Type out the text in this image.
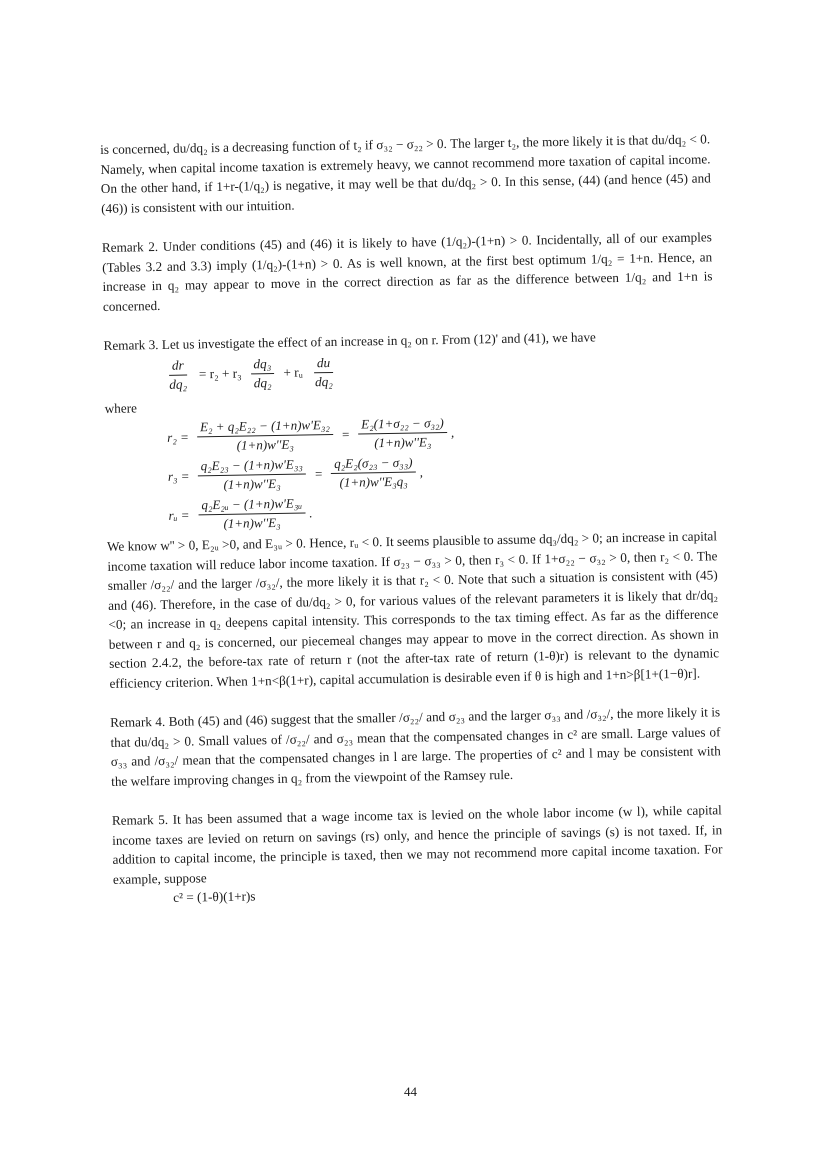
is concerned, du/dq₂ is a decreasing function of t₂ if σ₃₂ − σ₂₂ > 0. The larger t₂, the more likely it is that du/dq₂ < 0. Namely, when capital income taxation is extremely heavy, we cannot recommend more taxation of capital income. On the other hand, if 1+r-(1/q₂) is negative, it may well be that du/dq₂ > 0. In this sense, (44) (and hence (45) and (46)) is consistent with our intuition.

Remark 2. Under conditions (45) and (46) it is likely to have (1/q₂)-(1+n) > 0. Incidentally, all of our examples (Tables 3.2 and 3.3) imply (1/q₂)-(1+n) > 0. As is well known, at the first best optimum 1/q₂ = 1+n. Hence, an increase in q₂ may appear to move in the correct direction as far as the difference between 1/q₂ and 1+n is concerned.

Remark 3. Let us investigate the effect of an increase in q₂ on r. From (12)' and (41), we have

$\frac{dr}{\text{dq₂}} = r_2 + r_3 \frac{\text{dq₃}}{\text{dq₂}}$ + rᵤ $\frac{du}{\text{dq₂}}$

where

$r_2 = \frac{\text{E₂ + q₂E₂₂ − (1+n)w'E₃₂}}{\text{(1+n)w''E₃}} = \frac{\text{E₂(1+σ₂₂ − σ₃₂)}}{\text{(1+n)w''E₃}}$ ,
$r_3 = \frac{\text{q₂E₂₃ − (1+n)w'E₃₃}}{\text{(1+n)w''E₃}} = \frac{\text{q₂E₂(σ₂₃ − σ₃₃)}}{\text{(1+n)w''E₃q₃}}$ ,
rᵤ = $\frac{\text{q₂E₂ᵤ − (1+n)w'E₃ᵤ}}{\text{(1+n)w''E₃}}$ .

We know w'' > 0, E₂ᵤ >0, and E₃ᵤ > 0. Hence, rᵤ < 0. It seems plausible to assume dq₃/dq₂ > 0; an increase in capital income taxation will reduce labor income taxation. If σ₂₃ − σ₃₃ > 0, then r₃ < 0. If 1+σ₂₂ − σ₃₂ > 0, then r₂ < 0. The smaller /σ₂₂/ and the larger /σ₃₂/, the more likely it is that r₂ < 0. Note that such a situation is consistent with (45) and (46). Therefore, in the case of du/dq₂ > 0, for various values of the relevant parameters it is likely that dr/dq₂ <0; an increase in q₂ deepens capital intensity. This corresponds to the tax timing effect. As far as the difference between r and q₂ is concerned, our piecemeal changes may appear to move in the correct direction. As shown in section 2.4.2, the before-tax rate of return r (not the after-tax rate of return (1-θ)r) is relevant to the dynamic efficiency criterion. When 1+n<β(1+r), capital accumulation is desirable even if θ is high and 1+n>β[1+(1−θ)r].

Remark 4. Both (45) and (46) suggest that the smaller /σ₂₂/ and σ₂₃ and the larger σ₃₃ and /σ₃₂/, the more likely it is that du/dq₂ > 0. Small values of /σ₂₂/ and σ₂₃ mean that the compensated changes in c² are small. Large values of σ₃₃ and /σ₃₂/ mean that the compensated changes in l are large. The properties of c² and l may be consistent with the welfare improving changes in q₂ from the viewpoint of the Ramsey rule.

Remark 5. It has been assumed that a wage income tax is levied on the whole labor income (w l), while capital income taxes are levied on return on savings (rs) only, and hence the principle of savings (s) is not taxed. If, in addition to capital income, the principle is taxed, then we may not recommend more capital income taxation. For example, suppose

c² = (1-θ)(1+r)s

44
